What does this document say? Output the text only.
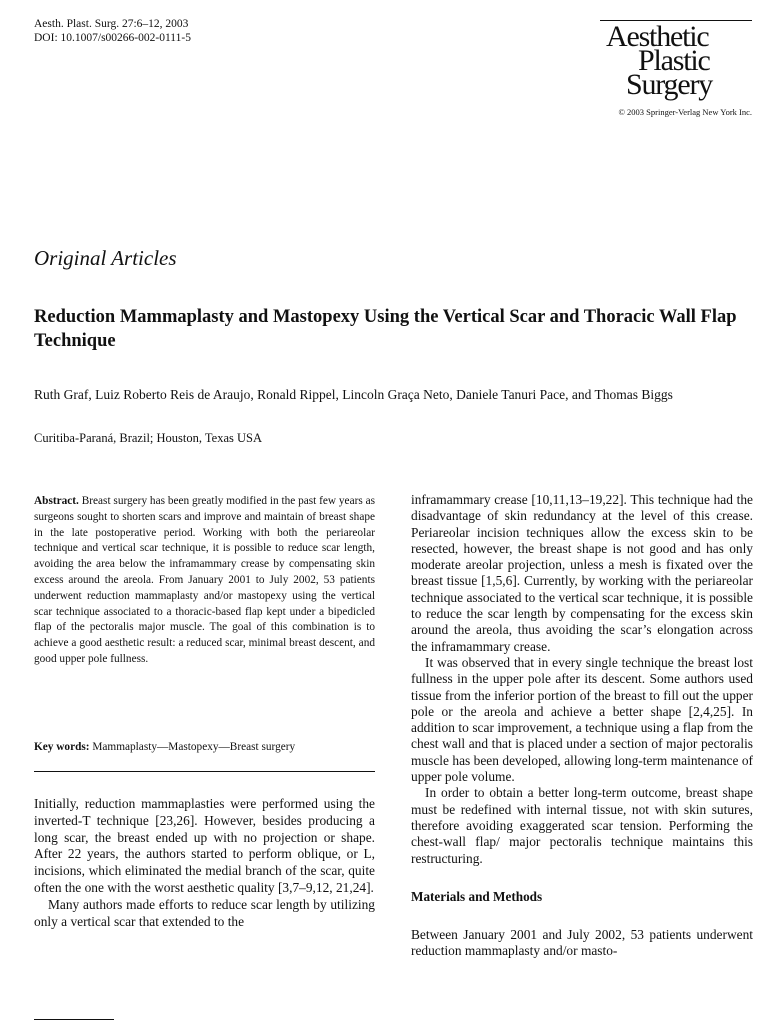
Aesth. Plast. Surg. 27:6–12, 2003
DOI: 10.1007/s00266-002-0111-5	Aesthetic
Plastic
Surgery
© 2003 Springer-Verlag New York Inc.
Original Articles
Reduction Mammaplasty and Mastopexy Using the Vertical Scar and Thoracic Wall Flap Technique
Ruth Graf, Luiz Roberto Reis de Araujo, Ronald Rippel, Lincoln Graça Neto, Daniele Tanuri Pace, and Thomas Biggs
Curitiba-Paraná, Brazil; Houston, Texas USA

Abstract. Breast surgery has been greatly modified in the past few years as surgeons sought to shorten scars and improve and maintain of breast shape in the late postoperative period. Working with both the periareolar technique and vertical scar technique, it is possible to reduce scar length, avoiding the area below the inframammary crease by compensating skin excess around the areola. From January 2001 to July 2002, 53 patients underwent reduction mammaplasty and/or mastopexy using the vertical scar technique associated to a thoracic-based flap kept under a bipedicled flap of the pectoralis major muscle. The goal of this combination is to achieve a good aesthetic result: a reduced scar, minimal breast descent, and good upper pole fullness.

Key words: Mammaplasty—Mastopexy—Breast surgery

Initially, reduction mammaplasties were performed using the inverted-T technique [23,26]. However, besides producing a long scar, the breast ended up with no projection or shape. After 22 years, the authors started to perform oblique, or L, incisions, which eliminated the medial branch of the scar, quite often the one with the worst aesthetic quality [3,7–9,12, 21,24].

Many authors made efforts to reduce scar length by utilizing only a vertical scar that extended to the

inframammary crease [10,11,13–19,22]. This technique had the disadvantage of skin redundancy at the level of this crease. Periareolar incision techniques allow the excess skin to be resected, however, the breast shape is not good and has only moderate areolar projection, unless a mesh is fixated over the breast tissue [1,5,6]. Currently, by working with the periareolar technique associated to the vertical scar technique, it is possible to reduce the scar length by compensating for the excess skin around the areola, thus avoiding the scar’s elongation across the inframammary crease.

It was observed that in every single technique the breast lost fullness in the upper pole after its descent. Some authors used tissue from the inferior portion of the breast to fill out the upper pole or the areola and achieve a better shape [2,4,25]. In addition to scar improvement, a technique using a flap from the chest wall and that is placed under a section of major pectoralis muscle has been developed, allowing long-term maintenance of upper pole volume.

In order to obtain a better long-term outcome, breast shape must be redefined with internal tissue, not with skin sutures, therefore avoiding exaggerated scar tension. Performing the chest-wall flap/ major pectoralis technique maintains this restructuring.

Materials and Methods

Between January 2001 and July 2002, 53 patients underwent reduction mammaplasty and/or masto-
